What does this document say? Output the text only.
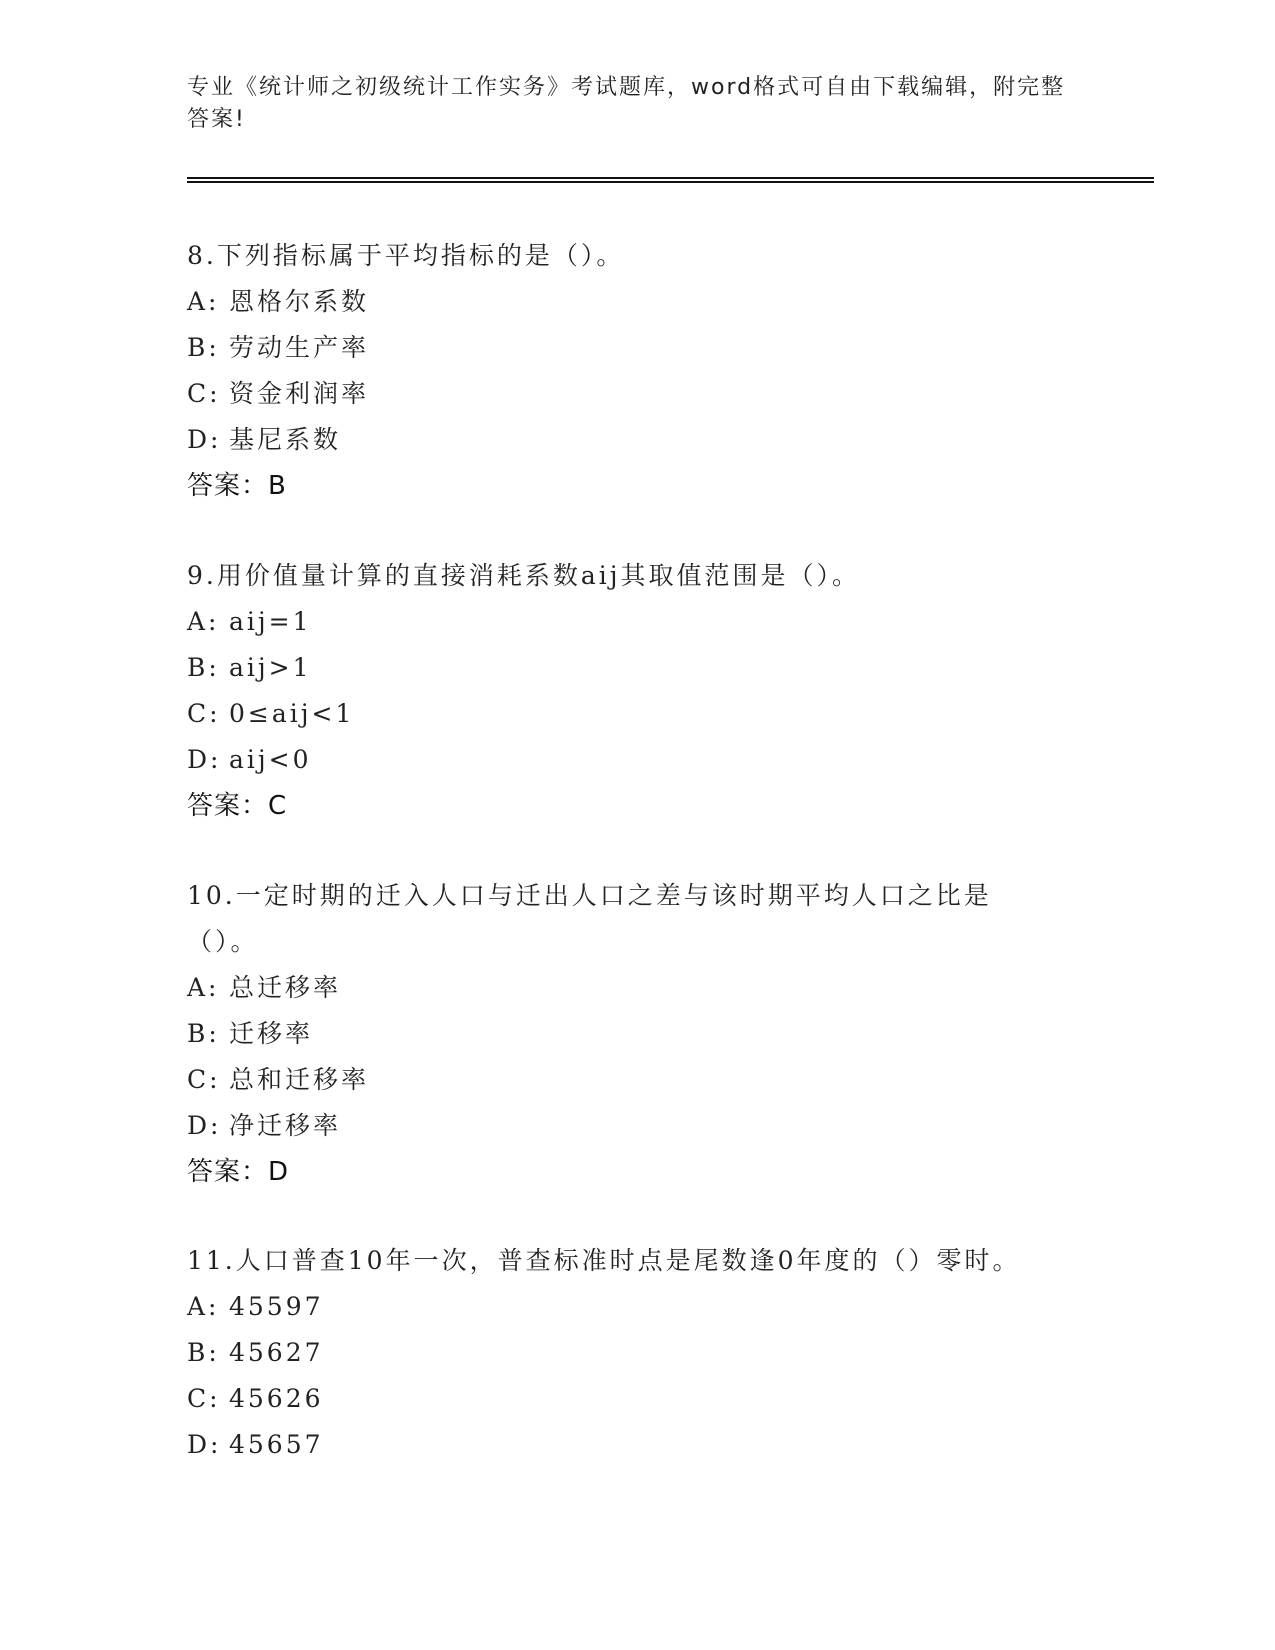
专业《统计师之初级统计工作实务》考试题库，word格式可自由下载编辑，附完整答案!
8.下列指标属于平均指标的是（）。
A: 恩格尔系数
B: 劳动生产率
C: 资金利润率
D: 基尼系数
答案：B
9.用价值量计算的直接消耗系数aij其取值范围是（）。
A: aij=1
B: aij>1
C: 0≤aij<1
D: aij<0
答案：C
10.一定时期的迁入人口与迁出人口之差与该时期平均人口之比是（）。
A: 总迁移率
B: 迁移率
C: 总和迁移率
D: 净迁移率
答案：D
11.人口普查10年一次，普查标准时点是尾数逢0年度的（）零时。
A: 45597
B: 45627
C: 45626
D: 45657
